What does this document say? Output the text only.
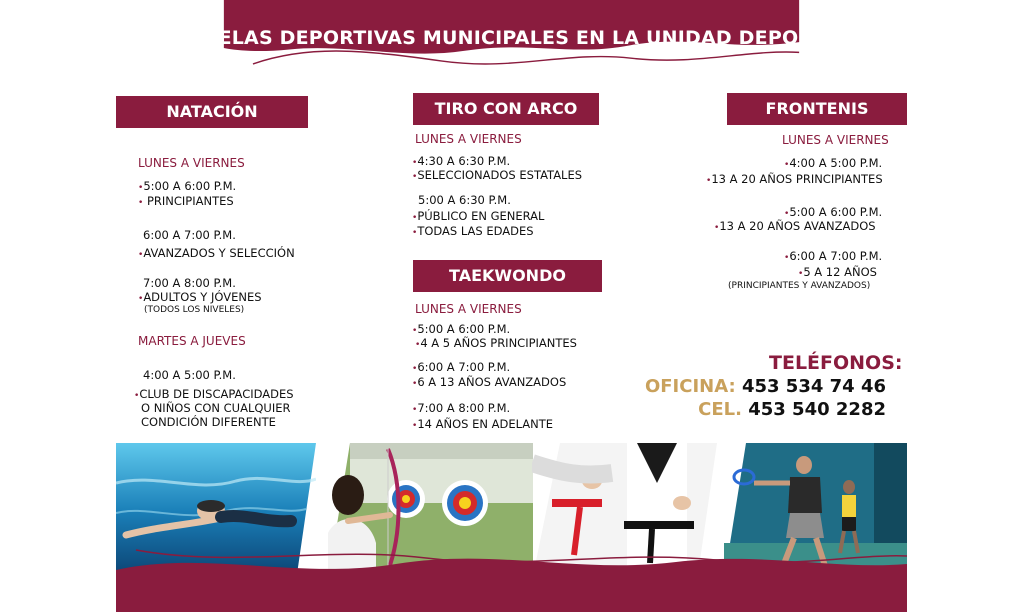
ESCUELAS DEPORTIVAS MUNICIPALES EN LA UNIDAD DEPORTIVA
NATACIÓN
LUNES A VIERNES
•5:00 A 6:00 P.M.
• PRINCIPIANTES
6:00 A 7:00 P.M.
•AVANZADOS Y SELECCIÓN
7:00 A 8:00 P.M.
•ADULTOS Y JÓVENES
(TODOS LOS NIVELES)
MARTES A JUEVES
4:00 A 5:00 P.M.
•CLUB DE DISCAPACIDADES
O NIÑOS CON CUALQUIER
CONDICIÓN DIFERENTE
TIRO CON ARCO
LUNES A VIERNES
•4:30 A 6:30 P.M.
•SELECCIONADOS ESTATALES
5:00 A 6:30 P.M.
•PÚBLICO EN GENERAL
•TODAS LAS EDADES
TAEKWONDO
LUNES A VIERNES
•5:00 A 6:00 P.M.
•4 A 5 AÑOS PRINCIPIANTES
•6:00 A 7:00 P.M.
•6 A 13 AÑOS AVANZADOS
•7:00 A 8:00 P.M.
•14 AÑOS EN ADELANTE
FRONTENIS
LUNES A VIERNES
•4:00 A 5:00 P.M.
•13 A 20 AÑOS PRINCIPIANTES
•5:00 A 6:00 P.M.
•13 A 20 AÑOS AVANZADOS
•6:00 A 7:00 P.M.
•5 A 12 AÑOS
(PRINCIPIANTES Y AVANZADOS)
TELÉFONOS:
OFICINA: 453 534 74 46
CEL. 453 540 2282
